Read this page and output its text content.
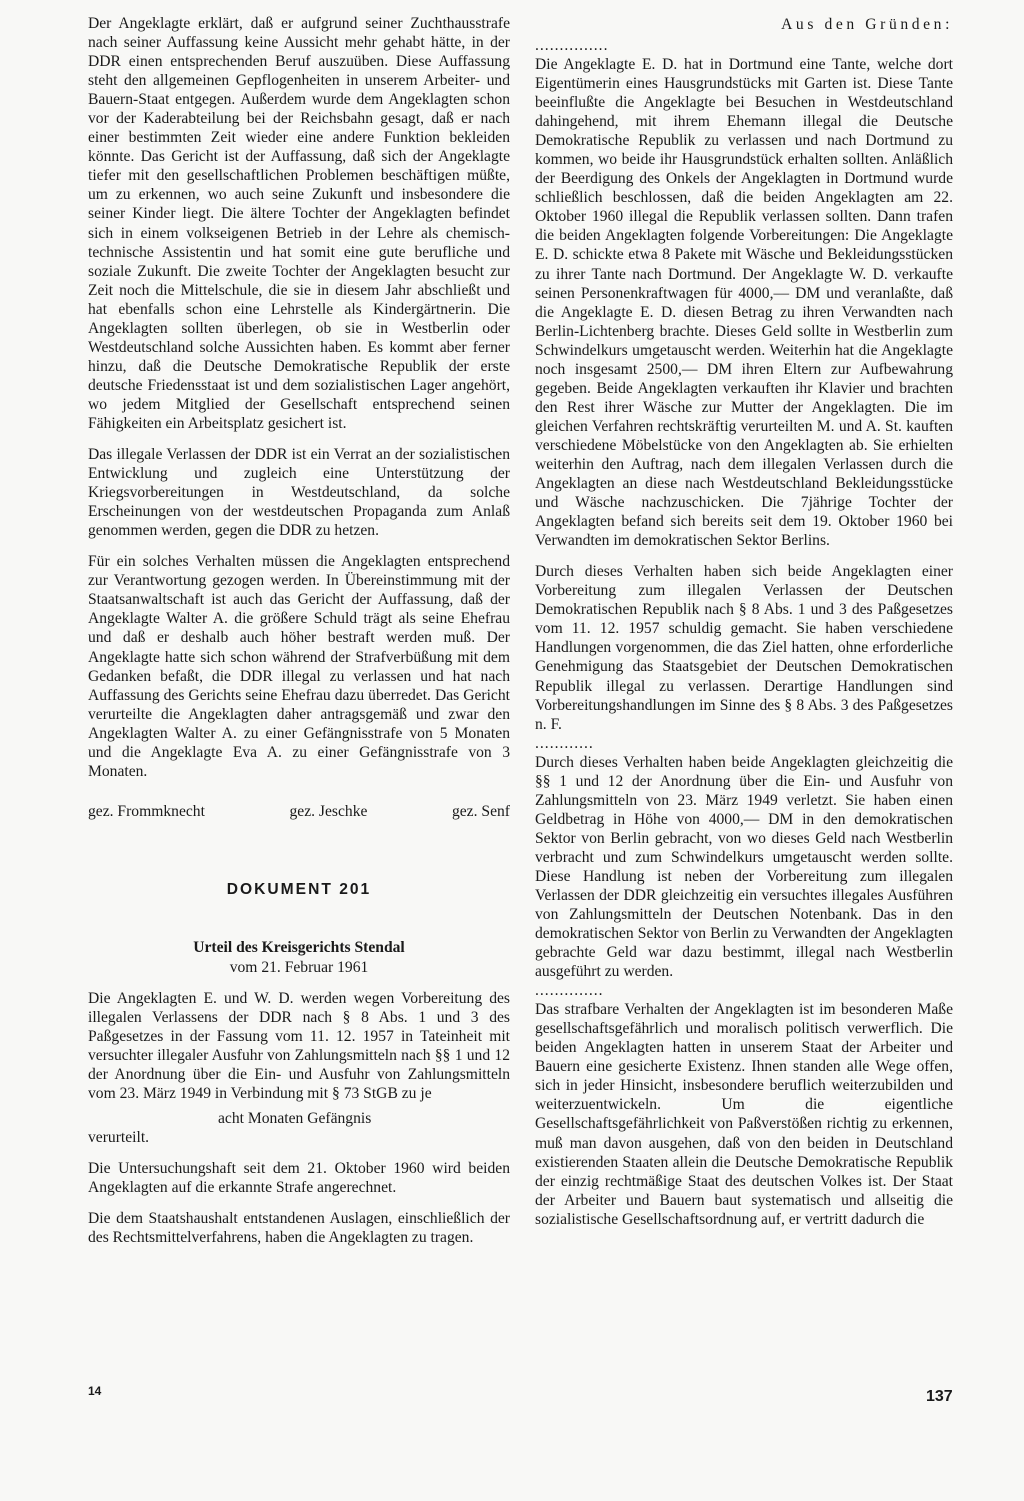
Der Angeklagte erklärt, daß er aufgrund seiner Zuchthausstrafe nach seiner Auffassung keine Aussicht mehr gehabt hätte, in der DDR einen entsprechenden Beruf auszuüben. Diese Auffassung steht den allgemeinen Gepflogenheiten in unserem Arbeiter- und Bauern-Staat entgegen. Außerdem wurde dem Angeklagten schon vor der Kaderabteilung bei der Reichsbahn gesagt, daß er nach einer bestimmten Zeit wieder eine andere Funktion bekleiden könnte. Das Gericht ist der Auffassung, daß sich der Angeklagte tiefer mit den gesellschaftlichen Problemen beschäftigen müßte, um zu erkennen, wo auch seine Zukunft und insbesondere die seiner Kinder liegt. Die ältere Tochter der Angeklagten befindet sich in einem volkseigenen Betrieb in der Lehre als chemisch-technische Assistentin und hat somit eine gute berufliche und soziale Zukunft. Die zweite Tochter der Angeklagten besucht zur Zeit noch die Mittelschule, die sie in diesem Jahr abschließt und hat ebenfalls schon eine Lehrstelle als Kindergärtnerin. Die Angeklagten sollten überlegen, ob sie in Westberlin oder Westdeutschland solche Aussichten haben. Es kommt aber ferner hinzu, daß die Deutsche Demokratische Republik der erste deutsche Friedensstaat ist und dem sozialistischen Lager angehört, wo jedem Mitglied der Gesellschaft entsprechend seinen Fähigkeiten ein Arbeitsplatz gesichert ist.

Das illegale Verlassen der DDR ist ein Verrat an der sozialistischen Entwicklung und zugleich eine Unterstützung der Kriegsvorbereitungen in Westdeutschland, da solche Erscheinungen von der westdeutschen Propaganda zum Anlaß genommen werden, gegen die DDR zu hetzen.

Für ein solches Verhalten müssen die Angeklagten entsprechend zur Verantwortung gezogen werden. In Übereinstimmung mit der Staatsanwaltschaft ist auch das Gericht der Auffassung, daß der Angeklagte Walter A. die größere Schuld trägt als seine Ehefrau und daß er deshalb auch höher bestraft werden muß. Der Angeklagte hatte sich schon während der Strafverbüßung mit dem Gedanken befaßt, die DDR illegal zu verlassen und hat nach Auffassung des Gerichts seine Ehefrau dazu überredet. Das Gericht verurteilte die Angeklagten daher antragsgemäß und zwar den Angeklagten Walter A. zu einer Gefängnisstrafe von 5 Monaten und die Angeklagte Eva A. zu einer Gefängnisstrafe von 3 Monaten.

gez. Frommknecht	gez. Jeschke	gez. Senf
DOKUMENT 201
Urteil des Kreisgerichts Stendal
vom 21. Februar 1961

Die Angeklagten E. und W. D. werden wegen Vorbereitung des illegalen Verlassens der DDR nach § 8 Abs. 1 und 3 des Paßgesetzes in der Fassung vom 11. 12. 1957 in Tateinheit mit versuchter illegaler Ausfuhr von Zahlungsmitteln nach §§ 1 und 12 der Anordnung über die Ein- und Ausfuhr von Zahlungsmitteln vom 23. März 1949 in Verbindung mit § 73 StGB zu je

acht Monaten Gefängnis
verurteilt.

Die Untersuchungshaft seit dem 21. Oktober 1960 wird beiden Angeklagten auf die erkannte Strafe angerechnet.

Die dem Staatshaushalt entstandenen Auslagen, einschließlich der des Rechtsmittelverfahrens, haben die Angeklagten zu tragen.

Aus den Gründen:
...............

Die Angeklagte E. D. hat in Dortmund eine Tante, welche dort Eigentümerin eines Hausgrundstücks mit Garten ist. Diese Tante beeinflußte die Angeklagte bei Besuchen in Westdeutschland dahingehend, mit ihrem Ehemann illegal die Deutsche Demokratische Republik zu verlassen und nach Dortmund zu kommen, wo beide ihr Hausgrundstück erhalten sollten. Anläßlich der Beerdigung des Onkels der Angeklagten in Dortmund wurde schließlich beschlossen, daß die beiden Angeklagten am 22. Oktober 1960 illegal die Republik verlassen sollten. Dann trafen die beiden Angeklagten folgende Vorbereitungen: Die Angeklagte E. D. schickte etwa 8 Pakete mit Wäsche und Bekleidungsstücken zu ihrer Tante nach Dortmund. Der Angeklagte W. D. verkaufte seinen Personenkraftwagen für 4000,— DM und veranlaßte, daß die Angeklagte E. D. diesen Betrag zu ihren Verwandten nach Berlin-Lichtenberg brachte. Dieses Geld sollte in Westberlin zum Schwindelkurs umgetauscht werden. Weiterhin hat die Angeklagte noch insgesamt 2500,— DM ihren Eltern zur Aufbewahrung gegeben. Beide Angeklagten verkauften ihr Klavier und brachten den Rest ihrer Wäsche zur Mutter der Angeklagten. Die im gleichen Verfahren rechtskräftig verurteilten M. und A. St. kauften verschiedene Möbelstücke von den Angeklagten ab. Sie erhielten weiterhin den Auftrag, nach dem illegalen Verlassen durch die Angeklagten an diese nach Westdeutschland Bekleidungsstücke und Wäsche nachzuschicken. Die 7jährige Tochter der Angeklagten befand sich bereits seit dem 19. Oktober 1960 bei Verwandten im demokratischen Sektor Berlins.

Durch dieses Verhalten haben sich beide Angeklagten einer Vorbereitung zum illegalen Verlassen der Deutschen Demokratischen Republik nach § 8 Abs. 1 und 3 des Paßgesetzes vom 11. 12. 1957 schuldig gemacht. Sie haben verschiedene Handlungen vorgenommen, die das Ziel hatten, ohne erforderliche Genehmigung das Staatsgebiet der Deutschen Demokratischen Republik illegal zu verlassen. Derartige Handlungen sind Vorbereitungshandlungen im Sinne des § 8 Abs. 3 des Paßgesetzes n. F.

............

Durch dieses Verhalten haben beide Angeklagten gleichzeitig die §§ 1 und 12 der Anordnung über die Ein- und Ausfuhr von Zahlungsmitteln von 23. März 1949 verletzt. Sie haben einen Geldbetrag in Höhe von 4000,— DM in den demokratischen Sektor von Berlin gebracht, von wo dieses Geld nach Westberlin verbracht und zum Schwindelkurs umgetauscht werden sollte. Diese Handlung ist neben der Vorbereitung zum illegalen Verlassen der DDR gleichzeitig ein versuchtes illegales Ausführen von Zahlungsmitteln der Deutschen Notenbank. Das in den demokratischen Sektor von Berlin zu Verwandten der Angeklagten gebrachte Geld war dazu bestimmt, illegal nach Westberlin ausgeführt zu werden.

..............

Das strafbare Verhalten der Angeklagten ist im besonderen Maße gesellschaftsgefährlich und moralisch politisch verwerflich. Die beiden Angeklagten hatten in unserem Staat der Arbeiter und Bauern eine gesicherte Existenz. Ihnen standen alle Wege offen, sich in jeder Hinsicht, insbesondere beruflich weiterzubilden und weiterzuentwickeln. Um die eigentliche Gesellschaftsgefährlichkeit von Paßverstößen richtig zu erkennen, muß man davon ausgehen, daß von den beiden in Deutschland existierenden Staaten allein die Deutsche Demokratische Republik der einzig rechtmäßige Staat des deutschen Volkes ist. Der Staat der Arbeiter und Bauern baut systematisch und allseitig die sozialistische Gesellschaftsordnung auf, er vertritt dadurch die

14	137
